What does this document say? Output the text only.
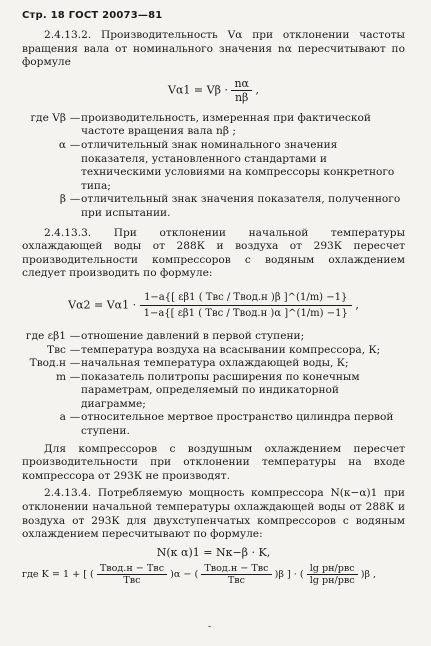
Стр. 18 ГОСТ 20073—81

2.4.13.2. Производительность Vα при отклонении частоты вращения вала от номинального значения nα пересчитывают по формуле

$V\alpha 1 = V\beta \cdot \frac{n\alpha}{n\beta}$ ,
где Vβ — производительность, измеренная при фактической частоте вращения вала nβ ;
α — отличительный знак номинального значения показателя, установленного стандартами и техническими условиями на компрессоры конкретного типа;
β — отличительный знак значения показателя, полученного при испытании.

2.4.13.3. При отклонении начальной температуры охлаждающей воды от 288К и воздуха от 293К пересчет производительности компрессоров с водяным охлаждением следует производить по формуле:

$V\alpha 2 = V\alpha 1 \cdot \frac{\text{1−a\{[ εβ1 ( Tвс / Tвод.н )β ]\textasciicircum{}(1/m) −1\}}}{\text{1−a\{[ εβ1 ( Tвс / Tвод.н )α ]\textasciicircum{}(1/m) −1\}}}$ ,
где εβ1 — отношение давлений в первой ступени;
Tвс — температура воздуха на всасывании компрессора, К;
Tвод.н — начальная температура охлаждающей воды, К;
m — показатель политропы расширения по конечным параметрам, определяемый по индикаторной диаграмме;
a — относительное мертвое пространство цилиндра первой ступени.

Для компрессоров с воздушным охлаждением пересчет производительности при отклонении температуры на входе компрессора от 293К не производят.

2.4.13.4. Потребляемую мощность компрессора N(к−α)1 при отклонении начальной температуры охлаждающей воды от 288К и воздуха от 293К для двухступенчатых компрессоров с водяным охлаждением пересчитывают по формуле:

N(к α)1 = Nк−β · K,
где K = 1 + [ ( $\frac{\text{Tвод.н − Tвс}}{\text{Tвс}} )\alpha$ − ( $\frac{\text{Tвод.н − Tвс}}{\text{Tвс}} )\beta$ ] · ( $\frac{\text{lg pн/pвс}}{\text{lg pн/pвс}} )\beta$ ,
-
